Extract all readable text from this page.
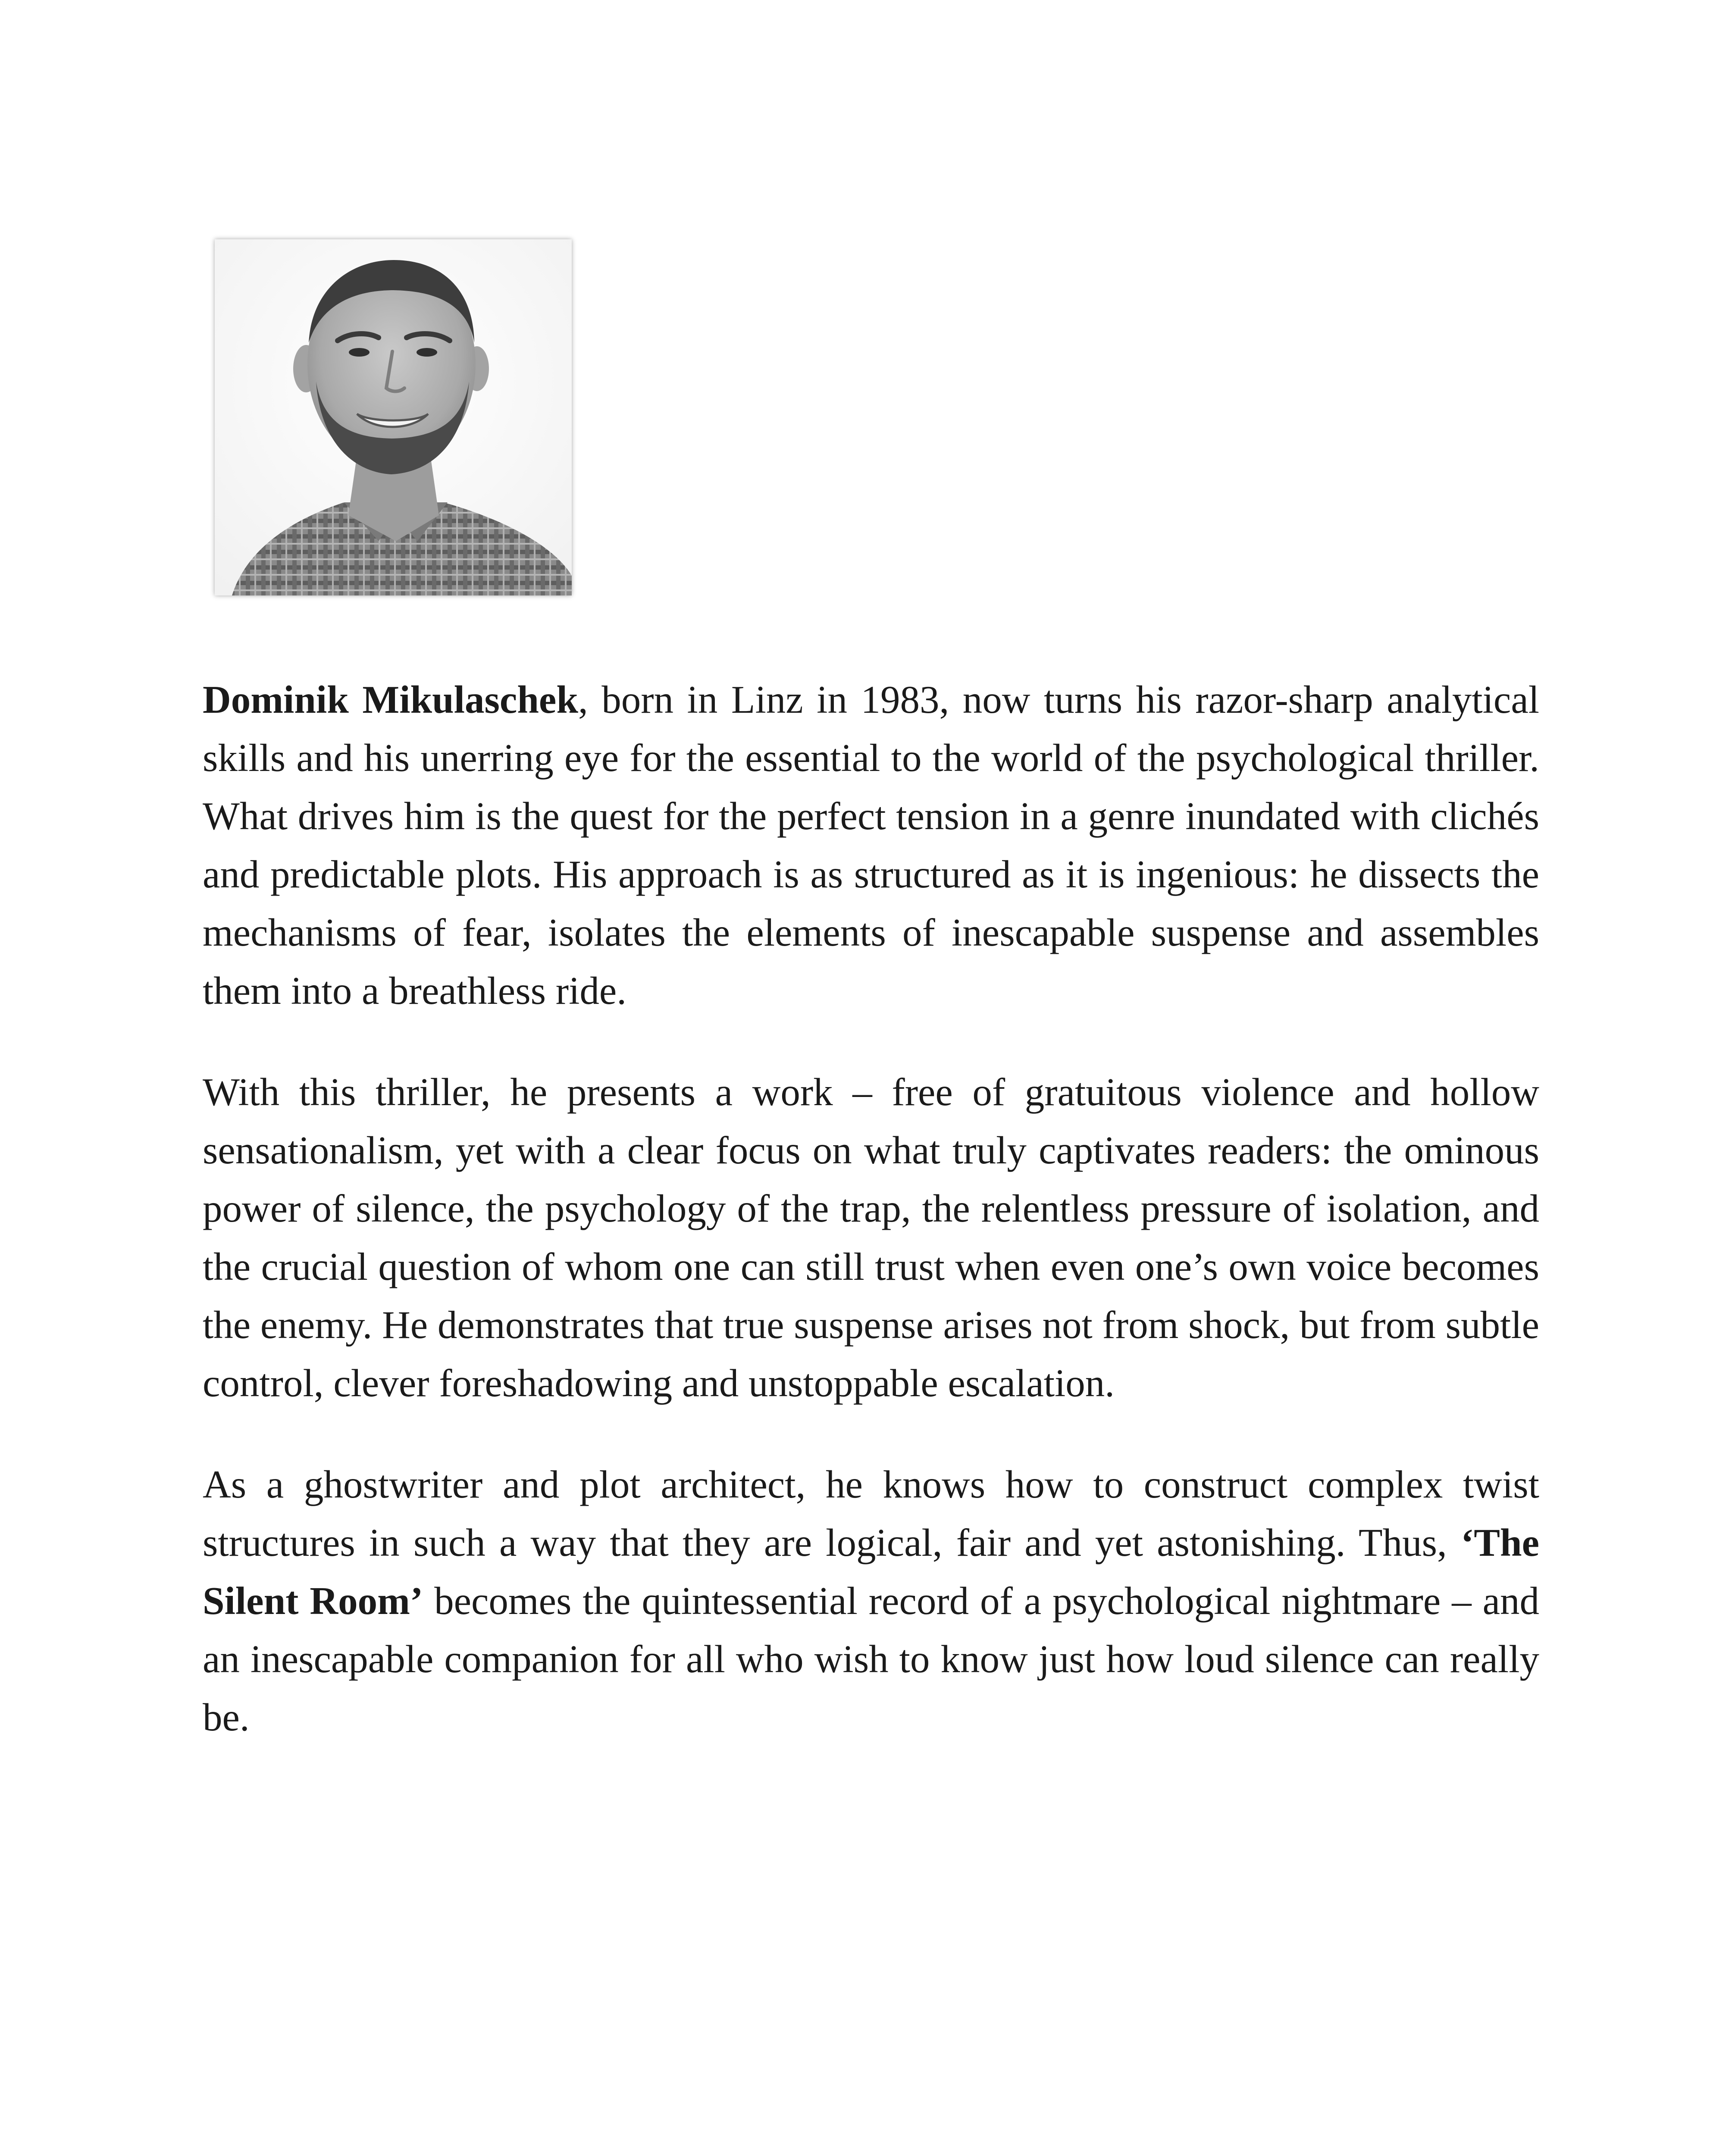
Dominik Mikulaschek, born in Linz in 1983, now turns his razor-sharp analytical skills and his unerring eye for the essential to the world of the psychological thriller. What drives him is the quest for the perfect tension in a genre inundated with clichés and predictable plots. His approach is as structured as it is ingenious: he dissects the mechanisms of fear, isolates the elements of inescapable suspense and assembles them into a breathless ride.

With this thriller, he presents a work – free of gratuitous violence and hollow sensationalism, yet with a clear focus on what truly captivates readers: the ominous power of silence, the psychology of the trap, the relentless pressure of isolation, and the crucial question of whom one can still trust when even one’s own voice becomes the enemy. He demonstrates that true suspense arises not from shock, but from subtle control, clever foreshadowing and unstoppable escalation.

As a ghostwriter and plot architect, he knows how to construct complex twist structures in such a way that they are logical, fair and yet astonishing. Thus, ‘The Silent Room’ becomes the quintessential record of a psychological nightmare – and an inescapable companion for all who wish to know just how loud silence can really be.
